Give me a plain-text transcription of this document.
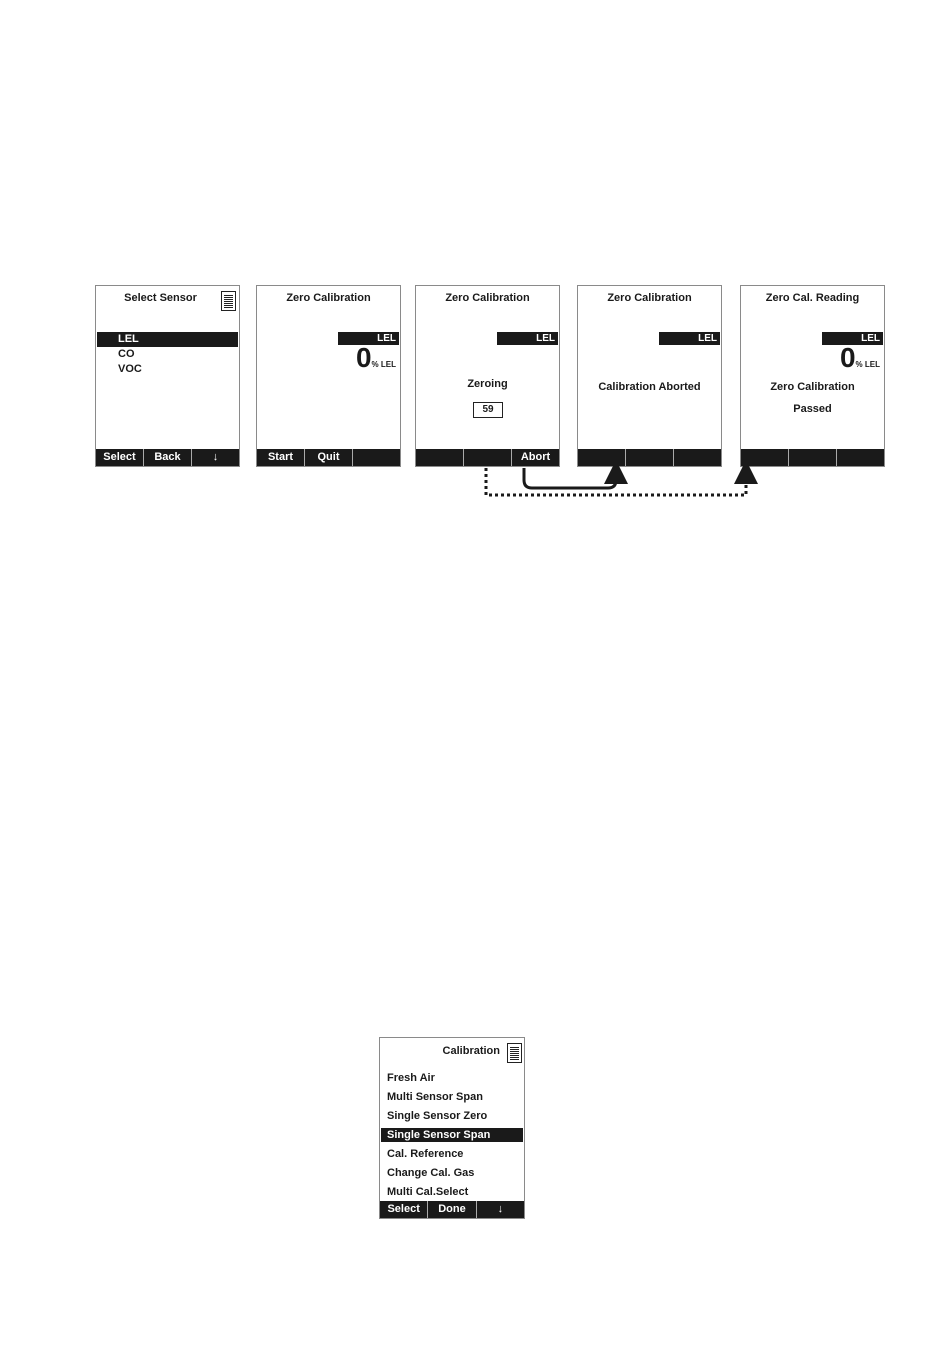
Select Sensor
LEL
CO
VOC
Select	Back	↓
Zero Calibration
LEL
0% LEL
Start	Quit
Zero Calibration
LEL
Zeroing
59
Abort
Zero Calibration
LEL
Calibration Aborted
Zero Cal. Reading
LEL
0% LEL
Zero Calibration
Passed
Calibration
Fresh Air
Multi Sensor Span
Single Sensor Zero
Single Sensor Span
Cal. Reference
Change Cal. Gas
Multi Cal.Select
Select	Done	↓
